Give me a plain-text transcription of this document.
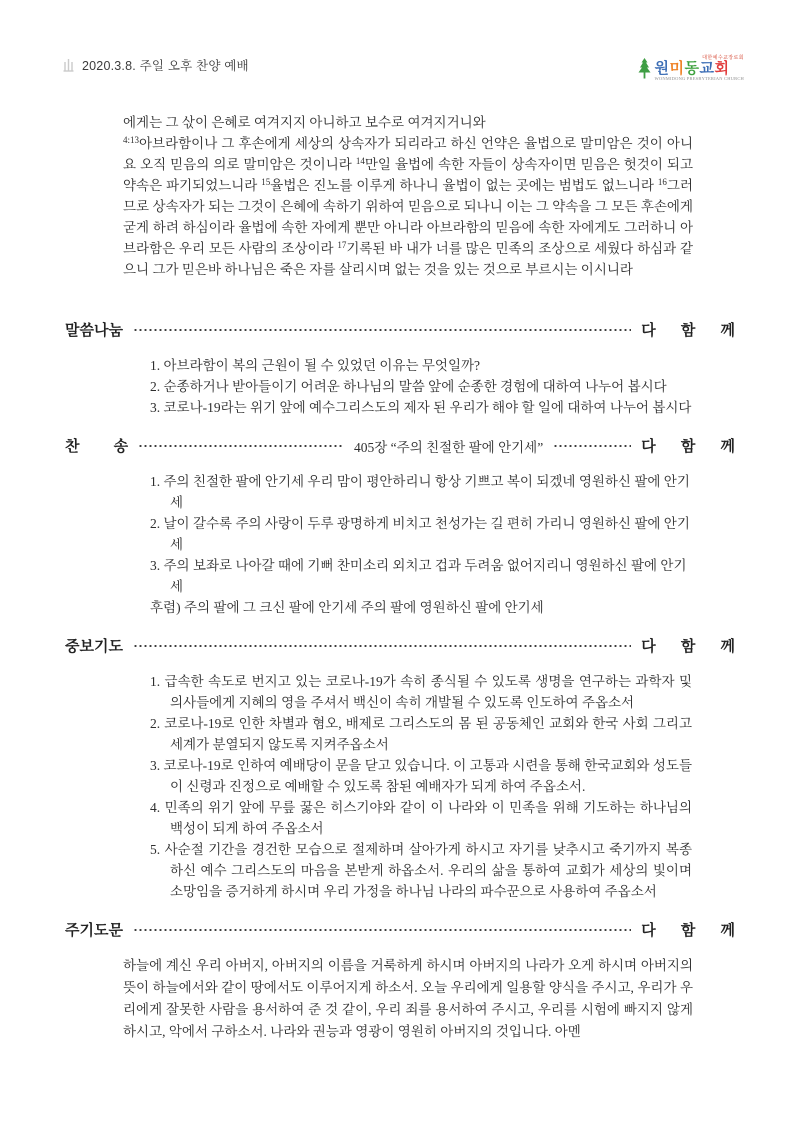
2020.3.8. 주일 오후 찬양 예배
대한예수교장로회
원미동교회
WONMIDONG PRESBYTERIAN CHURCH
에게는 그 삯이 은혜로 여겨지지 아니하고 보수로 여겨지거니와
$^{4:13}$아브라함이나 그 후손에게 세상의 상속자가 되리라고 하신 언약은 율법으로 말미암은 것이 아니요 오직 믿음의 의로 말미암은 것이니라 $^{14}$만일 율법에 속한 자들이 상속자이면 믿음은 헛것이 되고 약속은 파기되었느니라 $^{15}$율법은 진노를 이루게 하나니 율법이 없는 곳에는 범법도 없느니라 $^{16}$그러므로 상속자가 되는 그것이 은혜에 속하기 위하여 믿음으로 되나니 이는 그 약속을 그 모든 후손에게 굳게 하려 하심이라 율법에 속한 자에게 뿐만 아니라 아브라함의 믿음에 속한 자에게도 그러하니 아브라함은 우리 모든 사람의 조상이라 $^{17}$기록된 바 내가 너를 많은 민족의 조상으로 세웠다 하심과 같으니 그가 믿은바 하나님은 죽은 자를 살리시며 없는 것을 있는 것으로 부르시는 이시니라
말씀나눔	다 함 께
1. 아브라함이 복의 근원이 될 수 있었던 이유는 무엇일까?
2. 순종하거나 받아들이기 어려운 하나님의 말씀 앞에 순종한 경험에 대하여 나누어 봅시다
3. 코로나-19라는 위기 앞에 예수그리스도의 제자 된 우리가 해야 할 일에 대하여 나누어 봅시다
찬 송	405장 “주의 친절한 팔에 안기세”	다 함 께
1. 주의 친절한 팔에 안기세 우리 맘이 평안하리니 항상 기쁘고 복이 되겠네 영원하신 팔에 안기세
2. 날이 갈수록 주의 사랑이 두루 광명하게 비치고 천성가는 길 편히 가리니 영원하신 팔에 안기세
3. 주의 보좌로 나아갈 때에 기뻐 찬미소리 외치고 겁과 두려움 없어지리니 영원하신 팔에 안기세
후렴) 주의 팔에 그 크신 팔에 안기세 주의 팔에 영원하신 팔에 안기세
중보기도	다 함 께
1. 급속한 속도로 번지고 있는 코로나-19가 속히 종식될 수 있도록 생명을 연구하는 과학자 및 의사들에게 지혜의 영을 주셔서 백신이 속히 개발될 수 있도록 인도하여 주옵소서
2. 코로나-19로 인한 차별과 혐오, 배제로 그리스도의 몸 된 공동체인 교회와 한국 사회 그리고 세계가 분열되지 않도록 지켜주옵소서
3. 코로나-19로 인하여 예배당이 문을 닫고 있습니다. 이 고통과 시련을 통해 한국교회와 성도들이 신령과 진정으로 예배할 수 있도록 참된 예배자가 되게 하여 주옵소서.
4. 민족의 위기 앞에 무릎 꿇은 히스기야와 같이 이 나라와 이 민족을 위해 기도하는 하나님의 백성이 되게 하여 주옵소서
5. 사순절 기간을 경건한 모습으로 절제하며 살아가게 하시고 자기를 낮추시고 죽기까지 복종하신 예수 그리스도의 마음을 본받게 하옵소서. 우리의 삶을 통하여 교회가 세상의 빛이며 소망임을 증거하게 하시며 우리 가정을 하나님 나라의 파수꾼으로 사용하여 주옵소서
주기도문	다 함 께
하늘에 계신 우리 아버지, 아버지의 이름을 거룩하게 하시며 아버지의 나라가 오게 하시며 아버지의 뜻이 하늘에서와 같이 땅에서도 이루어지게 하소서. 오늘 우리에게 일용할 양식을 주시고, 우리가 우리에게 잘못한 사람을 용서하여 준 것 같이, 우리 죄를 용서하여 주시고, 우리를 시험에 빠지지 않게 하시고, 악에서 구하소서. 나라와 권능과 영광이 영원히 아버지의 것입니다. 아멘
